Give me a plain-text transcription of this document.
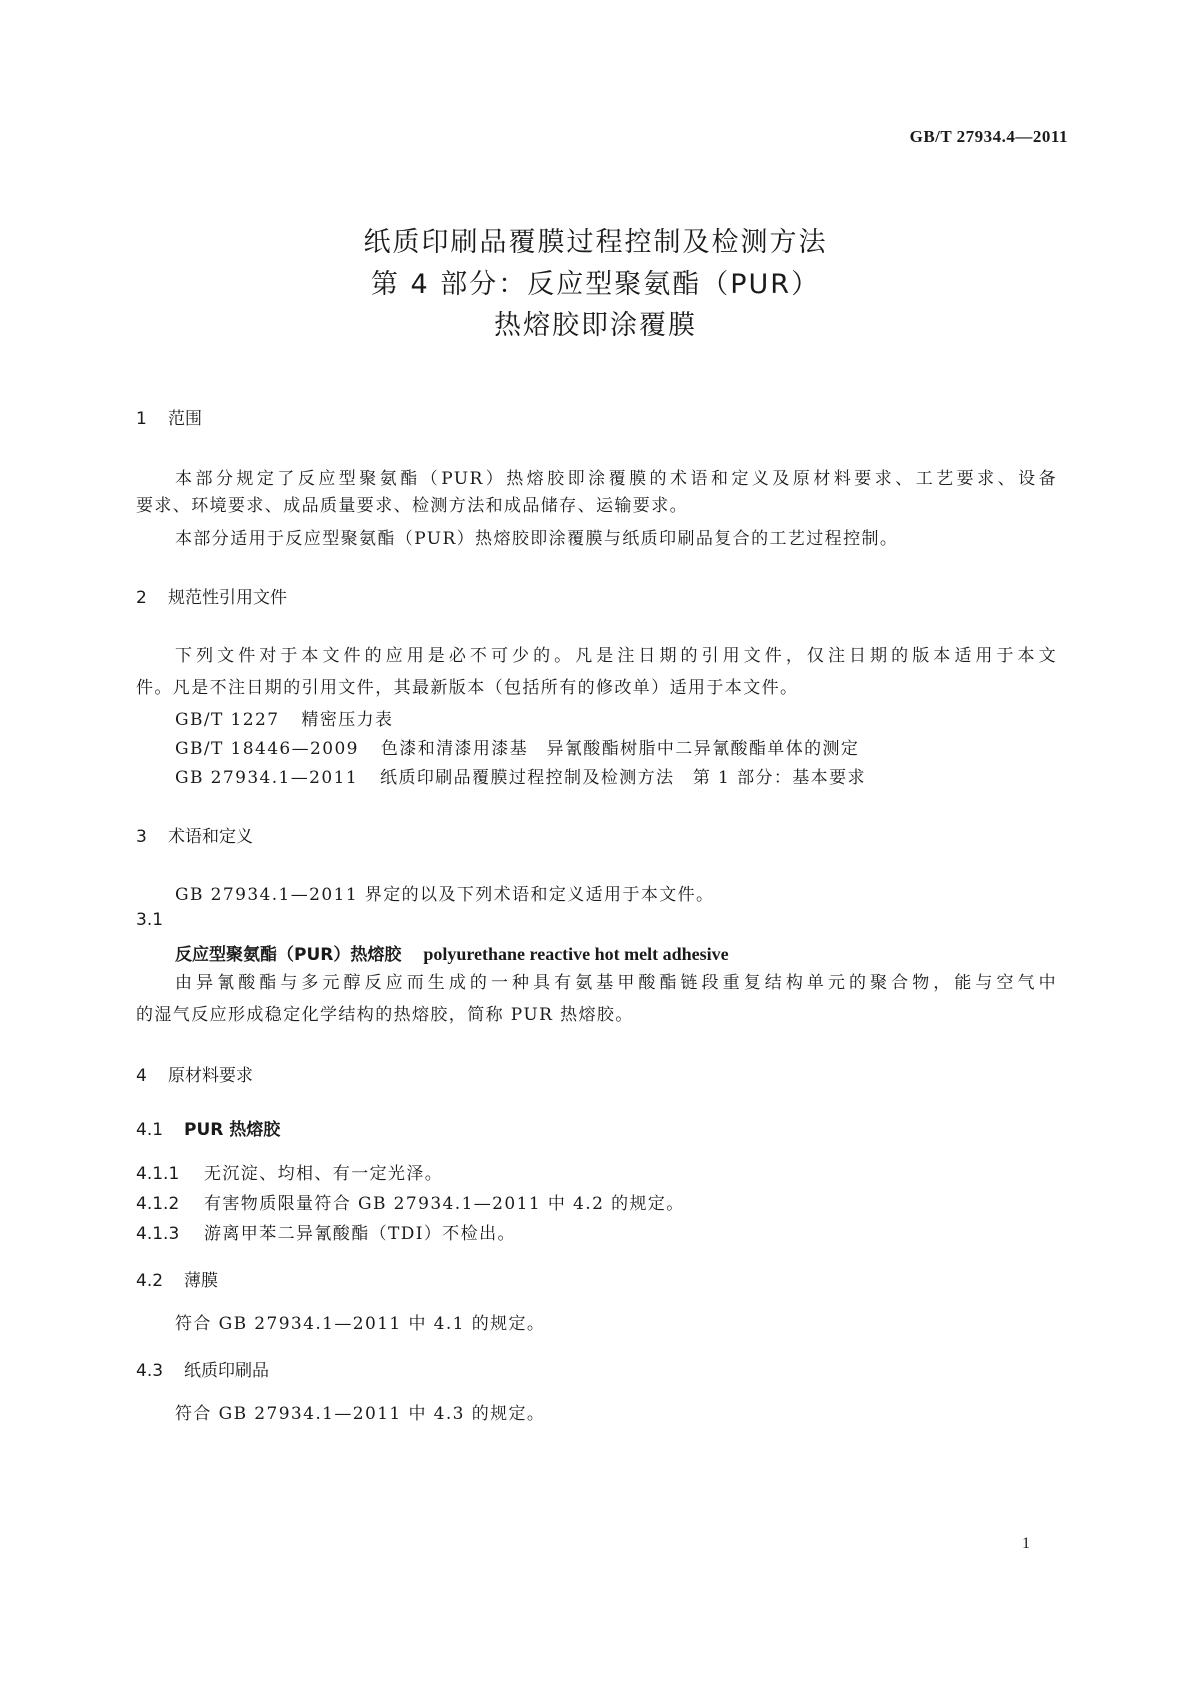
GB/T 27934.4—2011
纸质印刷品覆膜过程控制及检测方法
第 4 部分：反应型聚氨酯（PUR）
热熔胶即涂覆膜
1 范围
本部分规定了反应型聚氨酯（PUR）热熔胶即涂覆膜的术语和定义及原材料要求、工艺要求、设备
要求、环境要求、成品质量要求、检测方法和成品储存、运输要求。
本部分适用于反应型聚氨酯（PUR）热熔胶即涂覆膜与纸质印刷品复合的工艺过程控制。
2 规范性引用文件
下列文件对于本文件的应用是必不可少的。凡是注日期的引用文件，仅注日期的版本适用于本文
件。凡是不注日期的引用文件，其最新版本（包括所有的修改单）适用于本文件。
GB/T 1227 精密压力表
GB/T 18446—2009 色漆和清漆用漆基　异氰酸酯树脂中二异氰酸酯单体的测定
GB 27934.1—2011 纸质印刷品覆膜过程控制及检测方法　第 1 部分：基本要求
3 术语和定义
GB 27934.1—2011 界定的以及下列术语和定义适用于本文件。
3.1
反应型聚氨酯（PUR）热熔胶 polyurethane reactive hot melt adhesive
由异氰酸酯与多元醇反应而生成的一种具有氨基甲酸酯链段重复结构单元的聚合物，能与空气中
的湿气反应形成稳定化学结构的热熔胶，简称 PUR 热熔胶。
4 原材料要求
4.1 PUR 热熔胶
4.1.1 无沉淀、均相、有一定光泽。
4.1.2 有害物质限量符合 GB 27934.1—2011 中 4.2 的规定。
4.1.3 游离甲苯二异氰酸酯（TDI）不检出。
4.2 薄膜
符合 GB 27934.1—2011 中 4.1 的规定。
4.3 纸质印刷品
符合 GB 27934.1—2011 中 4.3 的规定。
1
